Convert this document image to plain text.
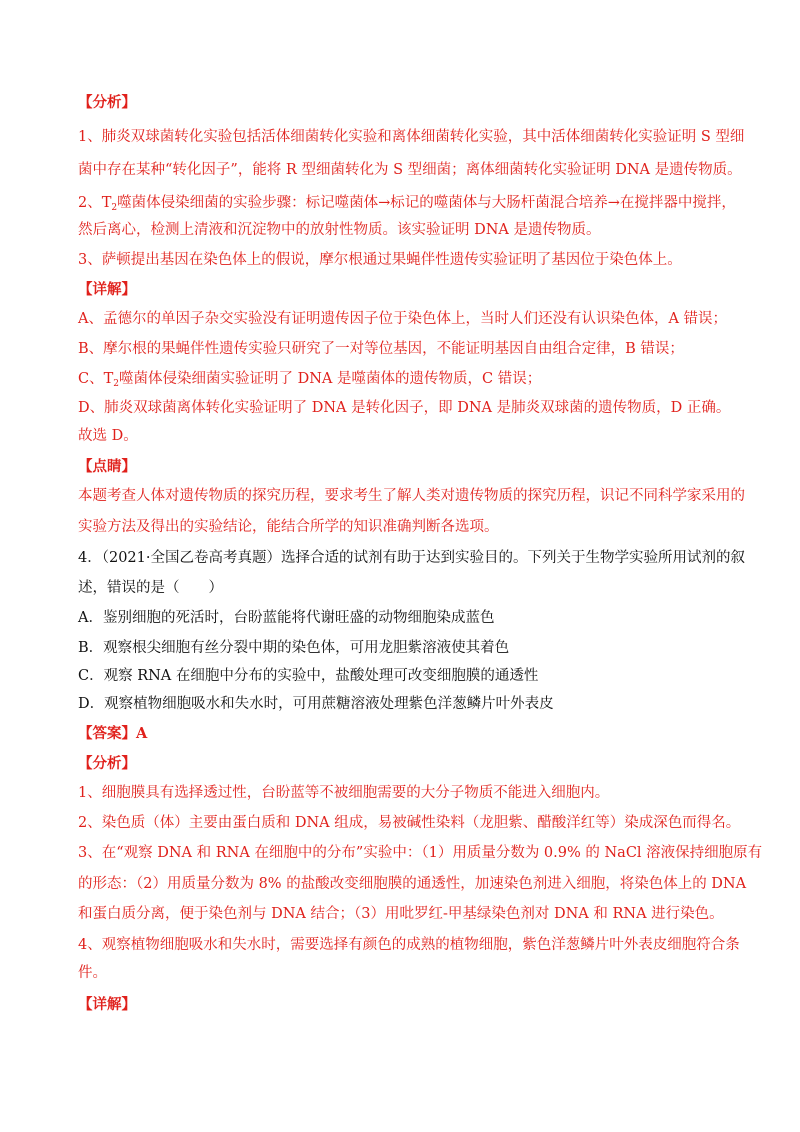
【分析】
1、肺炎双球菌转化实验包括活体细菌转化实验和离体细菌转化实验，其中活体细菌转化实验证明 S 型细
菌中存在某种“转化因子”，能将 R 型细菌转化为 S 型细菌；离体细菌转化实验证明 DNA 是遗传物质。
2、$T_2$噬菌体侵染细菌的实验步骤：标记噬菌体→标记的噬菌体与大肠杆菌混合培养→在搅拌器中搅拌，
然后离心，检测上清液和沉淀物中的放射性物质。该实验证明 DNA 是遗传物质。
3、萨顿提出基因在染色体上的假说，摩尔根通过果蝇伴性遗传实验证明了基因位于染色体上。
【详解】
A、孟德尔的单因子杂交实验没有证明遗传因子位于染色体上，当时人们还没有认识染色体，A 错误；
B、摩尔根的果蝇伴性遗传实验只研究了一对等位基因，不能证明基因自由组合定律，B 错误；
C、$T_2$噬菌体侵染细菌实验证明了 DNA 是噬菌体的遗传物质，C 错误；
D、肺炎双球菌离体转化实验证明了 DNA 是转化因子，即 DNA 是肺炎双球菌的遗传物质，D 正确。
故选 D。
【点睛】
本题考查人体对遗传物质的探究历程，要求考生了解人类对遗传物质的探究历程，识记不同科学家采用的
实验方法及得出的实验结论，能结合所学的知识准确判断各选项。
4．（2021·全国乙卷高考真题）选择合适的试剂有助于达到实验目的。下列关于生物学实验所用试剂的叙
述，错误的是（　　）
A．鉴别细胞的死活时，台盼蓝能将代谢旺盛的动物细胞染成蓝色
B．观察根尖细胞有丝分裂中期的染色体，可用龙胆紫溶液使其着色
C．观察 RNA 在细胞中分布的实验中，盐酸处理可改变细胞膜的通透性
D．观察植物细胞吸水和失水时，可用蔗糖溶液处理紫色洋葱鳞片叶外表皮
【答案】A
【分析】
1、细胞膜具有选择透过性，台盼蓝等不被细胞需要的大分子物质不能进入细胞内。
2、染色质（体）主要由蛋白质和 DNA 组成，易被碱性染料（龙胆紫、醋酸洋红等）染成深色而得名。
3、在“观察 DNA 和 RNA 在细胞中的分布”实验中：（1）用质量分数为 0.9% 的 NaCl 溶液保持细胞原有
的形态：（2）用质量分数为 8% 的盐酸改变细胞膜的通透性，加速染色剂进入细胞，将染色体上的 DNA
和蛋白质分离，便于染色剂与 DNA 结合；（3）用吡罗红-甲基绿染色剂对 DNA 和 RNA 进行染色。
4、观察植物细胞吸水和失水时，需要选择有颜色的成熟的植物细胞，紫色洋葱鳞片叶外表皮细胞符合条
件。
【详解】
